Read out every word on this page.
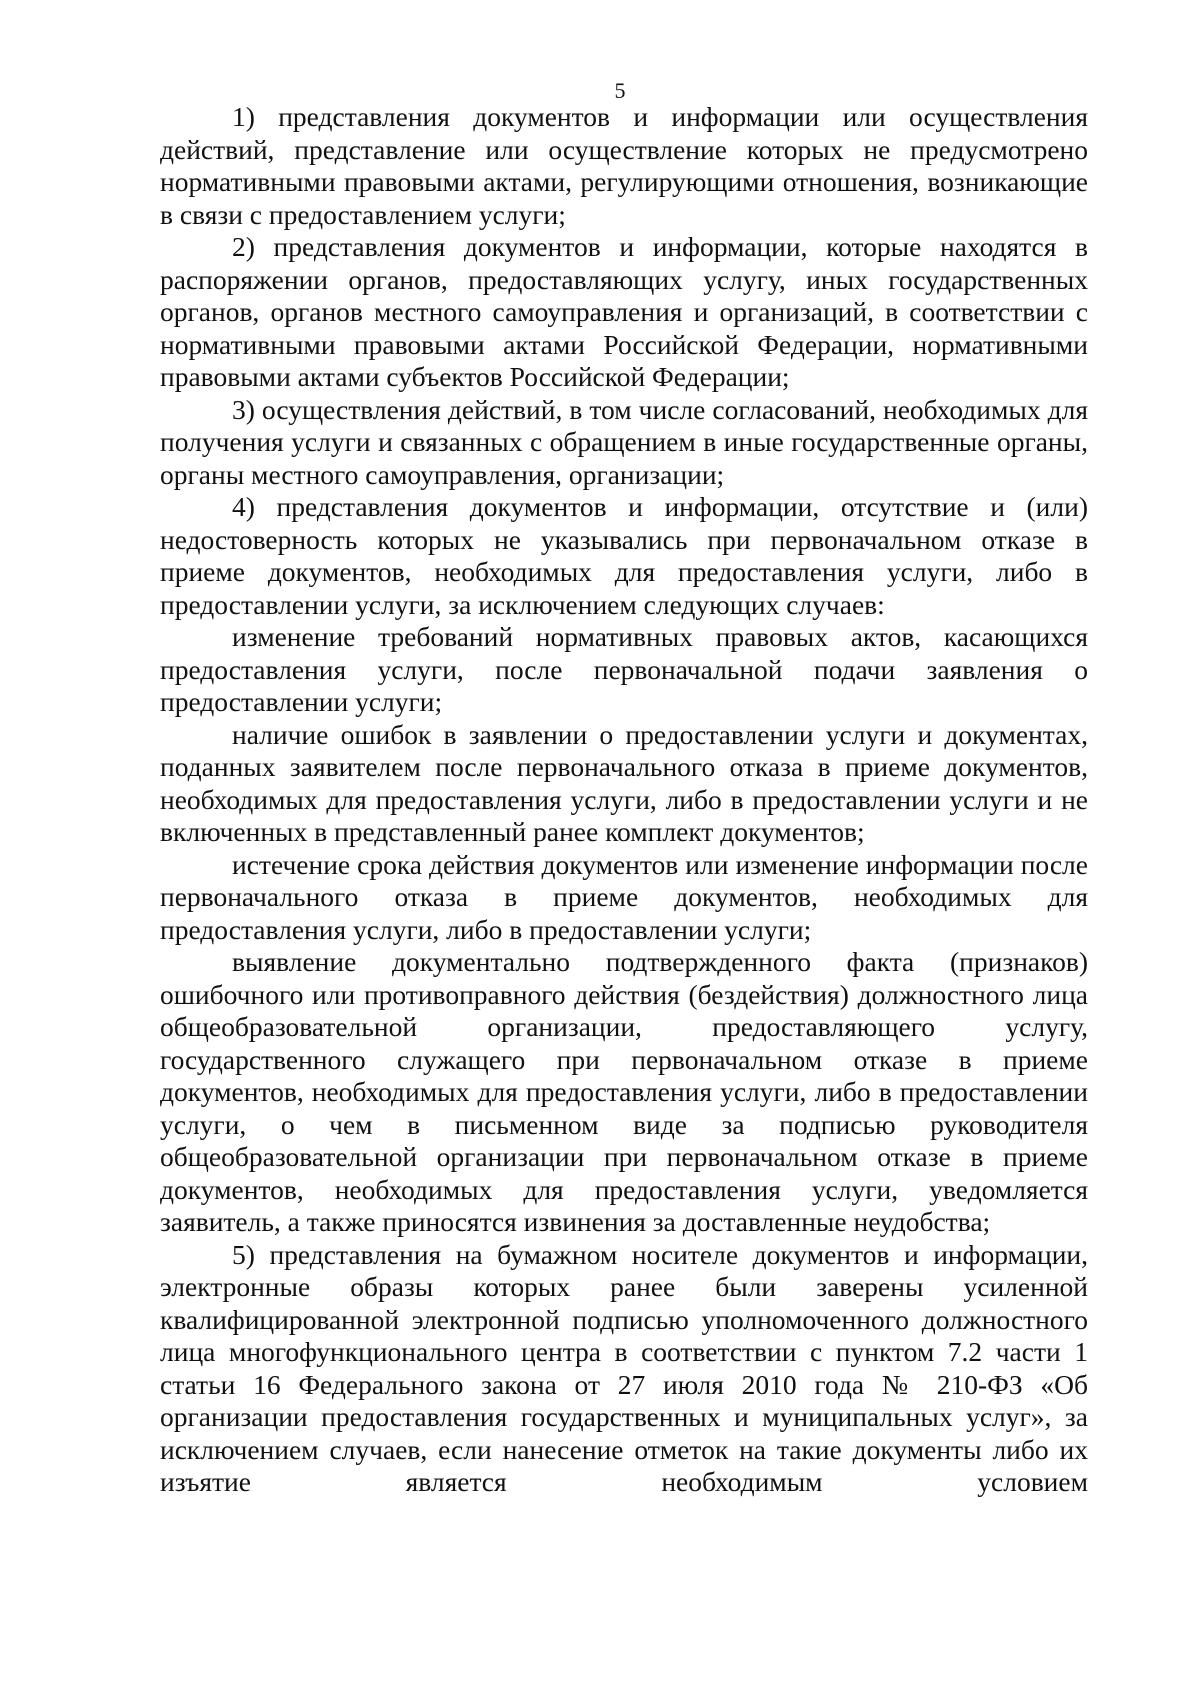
5

1) представления документов и информации или осуществления действий, представление или осуществление которых не предусмотрено нормативными правовыми актами, регулирующими отношения, возникающие в связи с предоставлением услуги;

2) представления документов и информации, которые находятся в распоряжении органов, предоставляющих услугу, иных государственных органов, органов местного самоуправления и организаций, в соответствии с нормативными правовыми актами Российской Федерации, нормативными правовыми актами субъектов Российской Федерации;

3) осуществления действий, в том числе согласований, необходимых для получения услуги и связанных с обращением в иные государственные органы, органы местного самоуправления, организации;

4) представления документов и информации, отсутствие и (или) недостоверность которых не указывались при первоначальном отказе в приеме документов, необходимых для предоставления услуги, либо в предоставлении услуги, за исключением следующих случаев:

изменение требований нормативных правовых актов, касающихся предоставления услуги, после первоначальной подачи заявления о предоставлении услуги;

наличие ошибок в заявлении о предоставлении услуги и документах, поданных заявителем после первоначального отказа в приеме документов, необходимых для предоставления услуги, либо в предоставлении услуги и не включенных в представленный ранее комплект документов;

истечение срока действия документов или изменение информации после первоначального отказа в приеме документов, необходимых для предоставления услуги, либо в предоставлении услуги;

выявление документально подтвержденного факта (признаков) ошибочного или противоправного действия (бездействия) должностного лица общеобразовательной организации, предоставляющего услугу, государственного служащего при первоначальном отказе в приеме документов, необходимых для предоставления услуги, либо в предоставлении услуги, о чем в письменном виде за подписью руководителя общеобразовательной организации при первоначальном отказе в приеме документов, необходимых для предоставления услуги, уведомляется заявитель, а также приносятся извинения за доставленные неудобства;

5) представления на бумажном носителе документов и информации, электронные образы которых ранее были заверены усиленной квалифицированной электронной подписью уполномоченного должностного лица многофункционального центра в соответствии с пунктом 7.2 части 1 статьи 16 Федерального закона от 27 июля 2010 года № 210-ФЗ «Об организации предоставления государственных и муниципальных услуг», за исключением случаев, если нанесение отметок на такие документы либо их изъятие является необходимым условием
